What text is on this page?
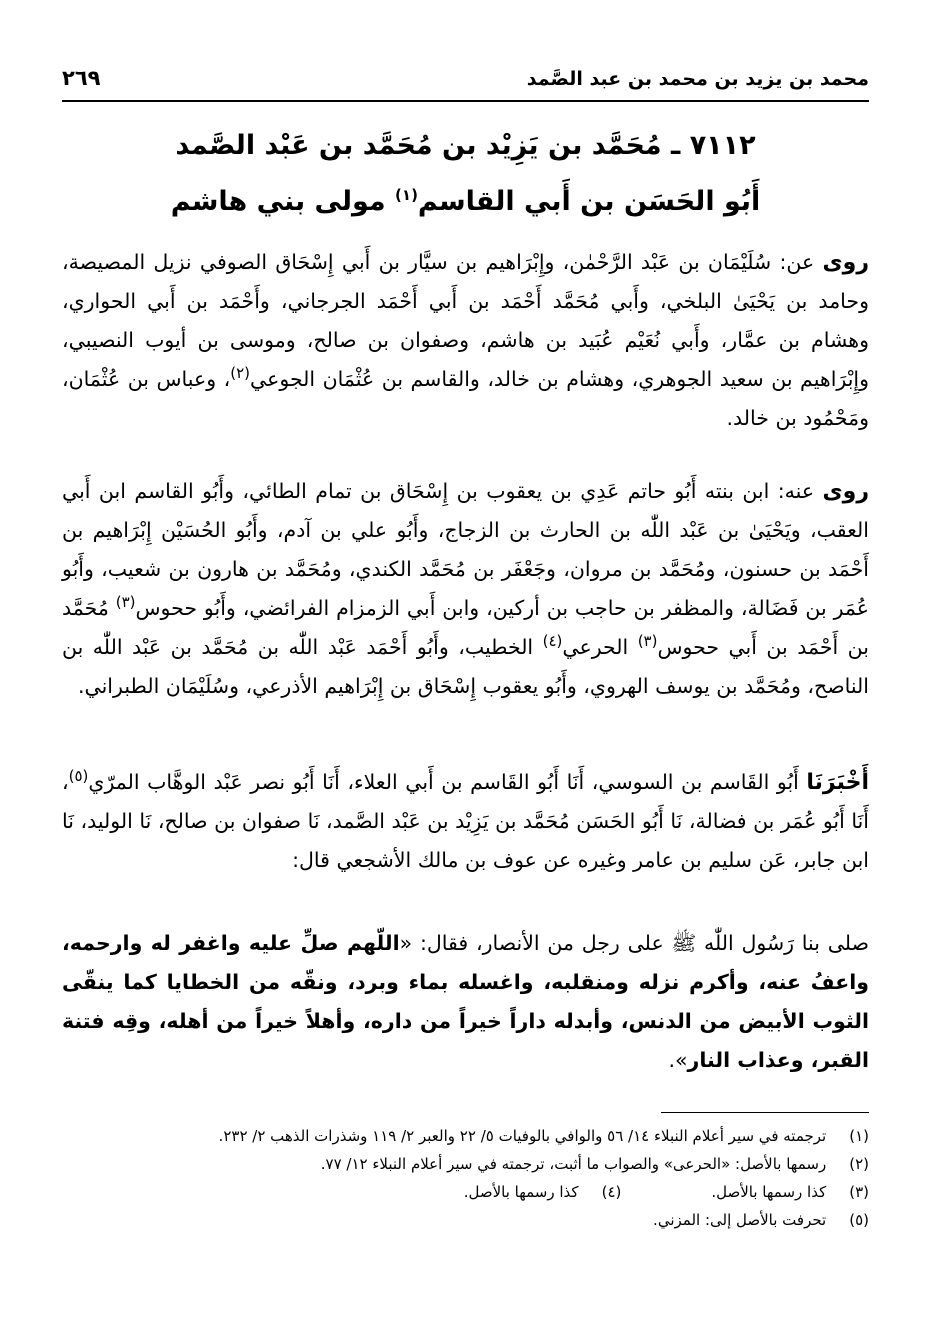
محمد بن يزيد بن محمد بن عبد الصَّمد
٢٦٩
٧١١٢ ـ مُحَمَّد بن يَزِيْد بن مُحَمَّد بن عَبْد الصَّمد
أَبُو الحَسَن بن أَبي القاسم$^{(١)}$ مولى بني هاشم

روى عن: سُلَيْمَان بن عَبْد الرَّحْمٰن، وإِبْرَاهيم بن سيَّار بن أَبي إِسْحَاق الصوفي نزيل المصيصة، وحامد بن يَحْيَىٰ البلخي، وأَبي مُحَمَّد أَحْمَد بن أَبي أَحْمَد الجرجاني، وأَحْمَد بن أَبي الحواري، وهشام بن عمَّار، وأَبي نُعَيْم عُبَيد بن هاشم، وصفوان بن صالح، وموسى بن أيوب النصيبي، وإِبْرَاهيم بن سعيد الجوهري، وهشام بن خالد، والقاسم بن عُثْمَان الجوعي$^{(٢)}$، وعباس بن عُثْمَان، ومَحْمُود بن خالد.

روى عنه: ابن بنته أَبُو حاتم عَدِي بن يعقوب بن إِسْحَاق بن تمام الطائي، وأَبُو القاسم ابن أَبي العقب، ويَحْيَىٰ بن عَبْد اللّٰه بن الحارث بن الزجاج، وأَبُو علي بن آدم، وأَبُو الحُسَيْن إِبْرَاهيم بن أَحْمَد بن حسنون، ومُحَمَّد بن مروان، وجَعْفَر بن مُحَمَّد الكندي، ومُحَمَّد بن هارون بن شعيب، وأَبُو عُمَر بن فَضَالة، والمظفر بن حاجب بن أركين، وابن أَبي الزمزام الفرائضي، وأَبُو ححوس$^{(٣)}$ مُحَمَّد بن أَحْمَد بن أَبي ححوس$^{(٣)}$ الحرعي$^{(٤)}$ الخطيب، وأَبُو أَحْمَد عَبْد اللّٰه بن مُحَمَّد بن عَبْد اللّٰه بن الناصح، ومُحَمَّد بن يوسف الهروي، وأَبُو يعقوب إِسْحَاق بن إِبْرَاهيم الأذرعي، وسُلَيْمَان الطبراني.

أَخْبَرَنَا أَبُو القَاسم بن السوسي، أَنَا أَبُو القَاسم بن أَبي العلاء، أَنَا أَبُو نصر عَبْد الوهَّاب المرّي$^{(٥)}$، أَنَا أَبُو عُمَر بن فضالة، نَا أَبُو الحَسَن مُحَمَّد بن يَزِيْد بن عَبْد الصَّمد، نَا صفوان بن صالح، نَا الوليد، نَا ابن جابر، عَن سليم بن عامر وغيره عن عوف بن مالك الأشجعي قال:

صلى بنا رَسُول اللّٰه ﷺ على رجل من الأنصار، فقال: «اللّهم صلِّ عليه واغفر له وارحمه، واعفُ عنه، وأكرم نزله ومنقلبه، واغسله بماء وبرد، ونقّه من الخطايا كما ينقّى الثوب الأبيض من الدنس، وأبدله داراً خيراً من داره، وأهلاً خيراً من أهله، وقِه فتنة القبر، وعذاب النار».

(١) ترجمته في سير أعلام النبلاء ١٤/ ٥٦ والوافي بالوفيات ٥/ ٢٢ والعبر ٢/ ١١٩ وشذرات الذهب ٢/ ٢٣٢.
(٢) رسمها بالأصل: «الحرعى» والصواب ما أثبت، ترجمته في سير أعلام النبلاء ١٢/ ٧٧.
(٣) كذا رسمها بالأصل.
(٤) كذا رسمها بالأصل.
(٥) تحرفت بالأصل إلى: المزني.
